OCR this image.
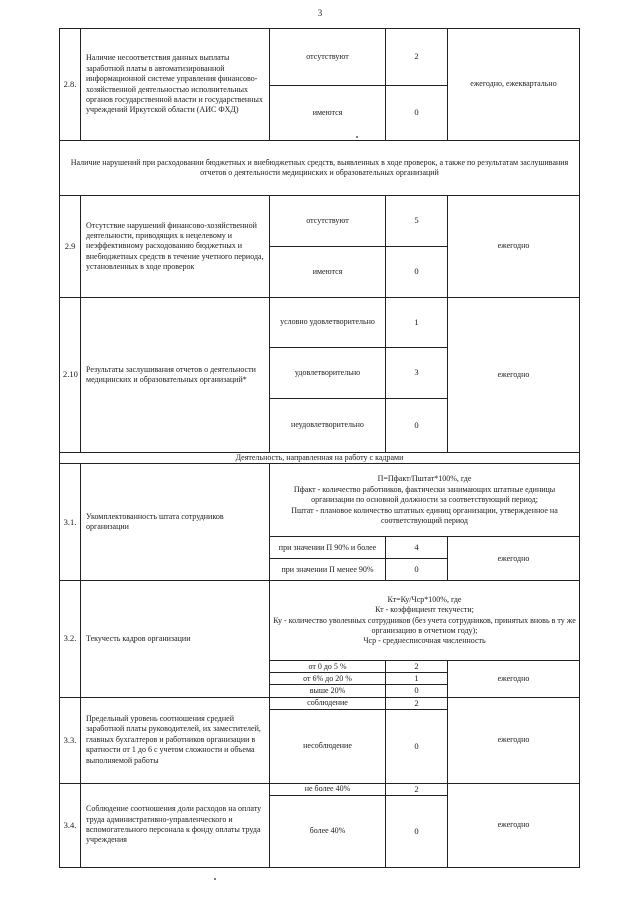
3
2.8.	Наличие несоответствия данных выплаты заработной платы в автоматизированной информационной системе управления финансово-хозяйственной деятельностью исполнительных органов государственной власти и государственных учреждений Иркутской области (АИС ФХД)	отсутствуют	2	ежегодно, ежеквартально
		имеются	0	
Наличие нарушений при расходовании бюджетных и внебюджетных средств, выявленных в ходе проверок, а также по результатам заслушивания отчетов о деятельности медицинских и образовательных организаций				
2.9	Отсутствие нарушений финансово-хозяйственной деятельности, приводящих к нецелевому и неэффективному расходованию бюджетных и внебюджетных средств в течение учетного периода, установленных в ходе проверок	отсутствуют	5	ежегодно
		имеются	0	
2.10	Результаты заслушивания отчетов о деятельности медицинских и образовательных организаций*	условно удовлетворительно	1	ежегодно
		удовлетворительно	3	
		неудовлетворительно	0	
Деятельность, направленная на работу с кадрами				
3.1.	Укомплектованность штата сотрудников организации	П=Пфакт/Пштат*100%, где
Пфакт - количество работников, фактически занимающих штатные единицы организации по основной должности за соответствующий период;
Пштат - плановое количество штатных единиц организации, утвержденное на соответствующий период		

		при значении П 90% и более	4	ежегодно
		при значении П менее 90%	0	
3.2.	Текучесть кадров организации	Кт=Ку/Чср*100%, где
Кт - коэффициент текучести;
Ку - количество уволенных сотрудников (без учета сотрудников, принятых вновь в ту же организацию в отчетном году);
Чср - среднесписочная численность		

		от 0 до 5 %	2	ежегодно
		от 6% до 20 %	1	
		выше 20%	0	
3.3.	Предельный уровень соотношения средней заработной платы руководителей, их заместителей, главных бухгалтеров и работников организации в кратности от 1 до 6 с учетом сложности и объема выполняемой работы	соблюдение	2	ежегодно
		несоблюдение	0	
3.4.	Соблюдение соотношения доли расходов на оплату труда административно-управленческого и вспомогательного персонала к фонду оплаты труда учреждения	не более 40%	2	ежегодно
		более 40%	0	
